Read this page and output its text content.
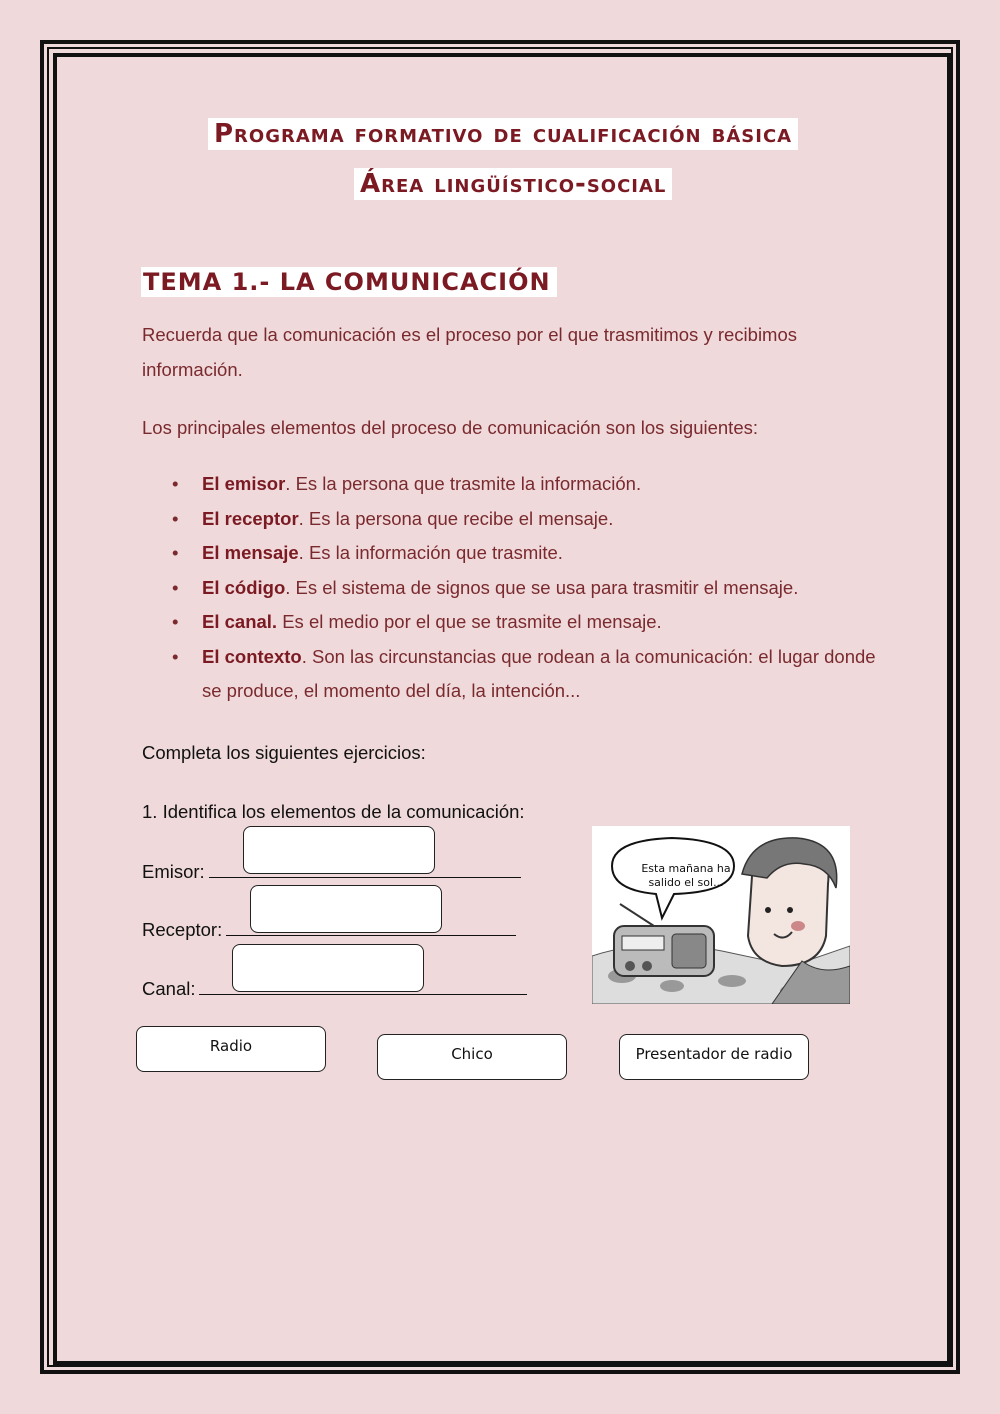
Programa formativo de cualificación básica
Área lingüístico-social
TEMA 1.- LA COMUNICACIÓN
Recuerda que la comunicación es el proceso por el que trasmitimos y recibimos información.
Los principales elementos del proceso de comunicación son los siguientes:
• El emisor. Es la persona que trasmite la información.
• El receptor. Es la persona que recibe el mensaje.
• El mensaje. Es la información que trasmite.
• El código. Es el sistema de signos que se usa para trasmitir el mensaje.
• El canal. Es el medio por el que se trasmite el mensaje.
• El contexto. Son las circunstancias que rodean a la comunicación: el lugar donde se produce, el momento del día, la intención...
Completa los siguientes ejercicios:
1. Identifica los elementos de la comunicación:
Emisor:
Receptor:
Canal:
Esta mañana ha salido el sol...
Radio	Chico	Presentador de radio
